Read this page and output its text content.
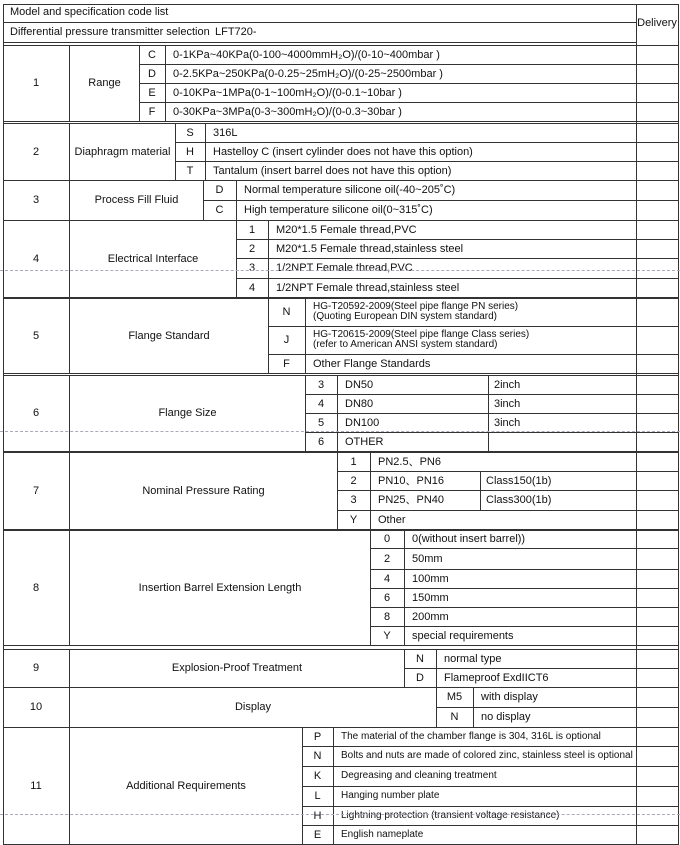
Model and specification code list
Differential pressure transmitter selection
Delivery
LFT720-
1	Range
C	0-1KPa~40KPa(0-100~4000mmH₂O)/(0-10~400mbar )
D	0-2.5KPa~250KPa(0-0.25~25mH₂O)/(0-25~2500mbar )
E	0-10KPa~1MPa(0-1~100mH₂O)/(0-0.1~10bar )
F	0-30KPa~3MPa(0-3~300mH₂O)/(0-0.3~30bar )
2	Diaphragm material
S	316L
H	Hastelloy C (insert cylinder does not have this option)
T	Tantalum (insert barrel does not have this option)
3	Process Fill Fluid
D	Normal temperature silicone oil(-40~205˚C)
C	High temperature silicone oil(0~315˚C)
4	Electrical Interface
1	M20*1.5 Female thread,PVC
2	M20*1.5 Female thread,stainless steel
3	1/2NPT Female thread,PVC
4	1/2NPT Female thread,stainless steel
5	Flange Standard
N	HG-T20592-2009(Steel pipe flange PN series)
(Quoting European DIN system standard)
J	HG-T20615-2009(Steel pipe flange Class series)
(refer to American ANSI system standard)
F	Other Flange Standards
6	Flange Size
3	DN50	2inch
4	DN80	3inch
5	DN100	3inch
6	OTHER
7	Nominal Pressure Rating
1	PN2.5、PN6
2	PN10、PN16	Class150(1b)
3	PN25、PN40	Class300(1b)
Y	Other
8	Insertion Barrel Extension Length
0	0(without insert barrel))
2	50mm
4	100mm
6	150mm
8	200mm
Y	special requirements
9	Explosion-Proof Treatment
N	normal type
D	Flameproof ExdIICT6
10	Display
M5	with display
N	no display
11	Additional Requirements
P	The material of the chamber flange is 304, 316L is optional
N	Bolts and nuts are made of colored zinc, stainless steel is optional
K	Degreasing and cleaning treatment
L	Hanging number plate
H	Lightning protection (transient voltage resistance)
E	English nameplate
